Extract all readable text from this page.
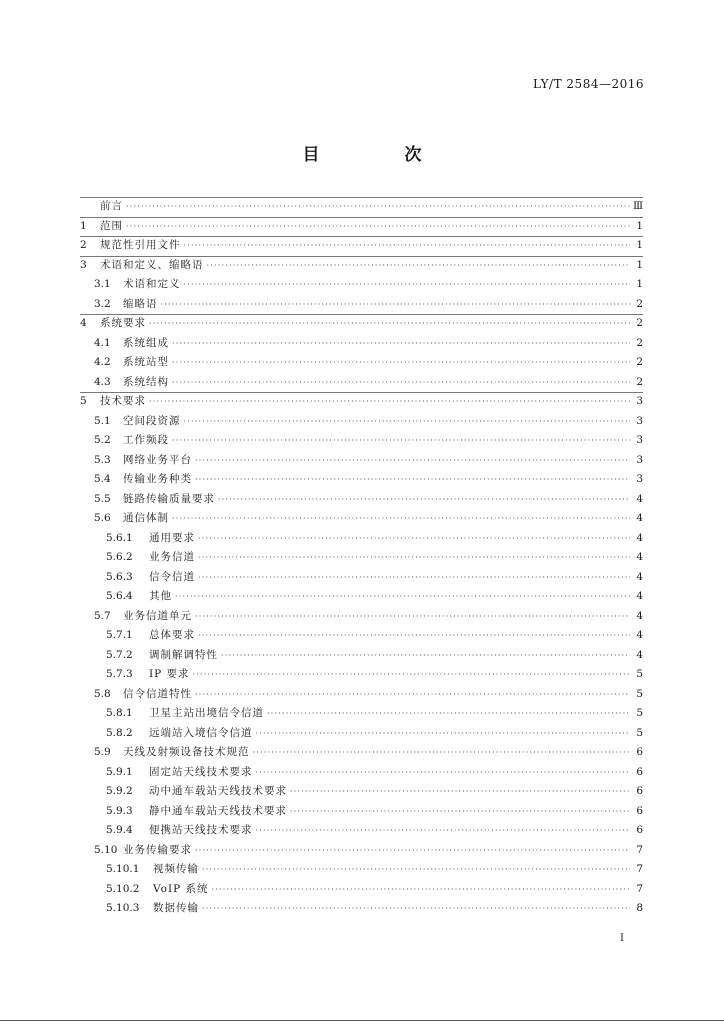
LY/T 2584—2016
目　次
前言 ·····	Ⅲ
1	范围 ·····	1
2	规范性引用文件 ·····	1
3	术语和定义、缩略语 ·····	1
3.1	术语和定义 ·····	1
3.2	缩略语 ·····	2
4	系统要求 ·····	2
4.1	系统组成 ·····	2
4.2	系统站型 ·····	2
4.3	系统结构 ·····	2
5	技术要求 ·····	3
5.1	空间段资源 ·····	3
5.2	工作频段 ·····	3
5.3	网络业务平台 ·····	3
5.4	传输业务种类 ·····	3
5.5	链路传输质量要求 ·····	4
5.6	通信体制 ·····	4
5.6.1	通用要求 ·····	4
5.6.2	业务信道 ·····	4
5.6.3	信令信道 ·····	4
5.6.4	其他 ·····	4
5.7	业务信道单元 ·····	4
5.7.1	总体要求 ·····	4
5.7.2	调制解调特性 ·····	4
5.7.3	IP 要求 ·····	5
5.8	信令信道特性 ·····	5
5.8.1	卫星主站出境信令信道 ·····	5
5.8.2	远端站入境信令信道 ·····	5
5.9	天线及射频设备技术规范 ·····	6
5.9.1	固定站天线技术要求 ·····	6
5.9.2	动中通车载站天线技术要求 ·····	6
5.9.3	静中通车载站天线技术要求 ·····	6
5.9.4	便携站天线技术要求 ·····	6
5.10 业务传输要求 ·····	7
5.10.1	视频传输 ·····	7
5.10.2	VoIP 系统 ·····	7
5.10.3	数据传输 ·····	8
I
